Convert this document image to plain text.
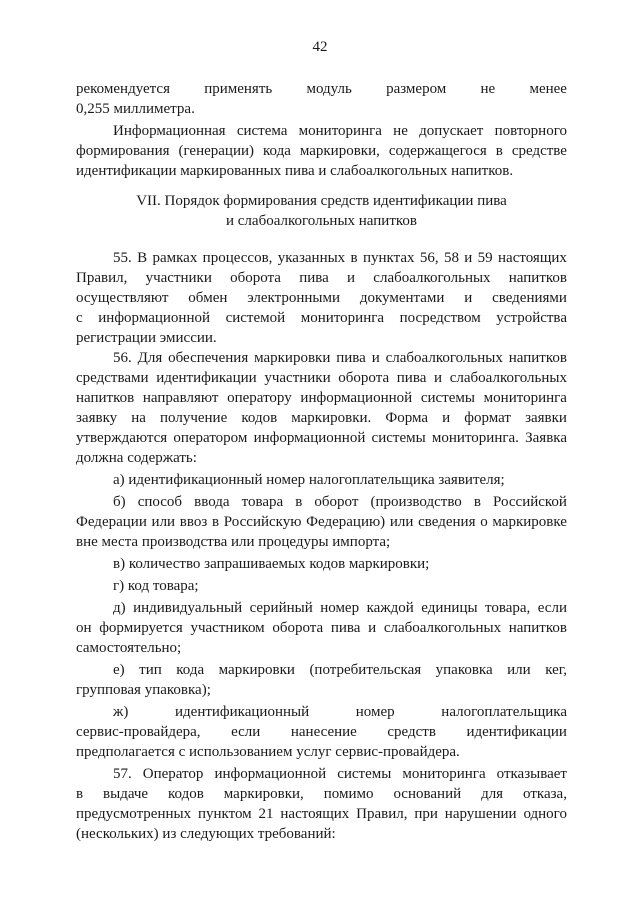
42
рекомендуется применять модуль размером не менее
0,255 миллиметра.
Информационная система мониторинга не допускает повторного
формирования (генерации) кода маркировки, содержащегося в средстве
идентификации маркированных пива и слабоалкогольных напитков.
VII. Порядок формирования средств идентификации пива
и слабоалкогольных напитков
55. В рамках процессов, указанных в пунктах 56, 58 и 59 настоящих
Правил, участники оборота пива и слабоалкогольных напитков
осуществляют обмен электронными документами и сведениями
с информационной системой мониторинга посредством устройства
регистрации эмиссии.
56. Для обеспечения маркировки пива и слабоалкогольных напитков
средствами идентификации участники оборота пива и слабоалкогольных
напитков направляют оператору информационной системы мониторинга
заявку на получение кодов маркировки. Форма и формат заявки
утверждаются оператором информационной системы мониторинга. Заявка
должна содержать:
а) идентификационный номер налогоплательщика заявителя;
б) способ ввода товара в оборот (производство в Российской
Федерации или ввоз в Российскую Федерацию) или сведения о маркировке
вне места производства или процедуры импорта;
в) количество запрашиваемых кодов маркировки;
г) код товара;
д) индивидуальный серийный номер каждой единицы товара, если
он формируется участником оборота пива и слабоалкогольных напитков
самостоятельно;
е) тип кода маркировки (потребительская упаковка или кег,
групповая упаковка);
ж)	идентификационный	номер	налогоплательщика
сервис-провайдера, если нанесение средств идентификации
предполагается с использованием услуг сервис-провайдера.
57. Оператор информационной системы мониторинга отказывает
в выдаче кодов маркировки, помимо оснований для отказа,
предусмотренных пунктом 21 настоящих Правил, при нарушении одного
(нескольких) из следующих требований:
